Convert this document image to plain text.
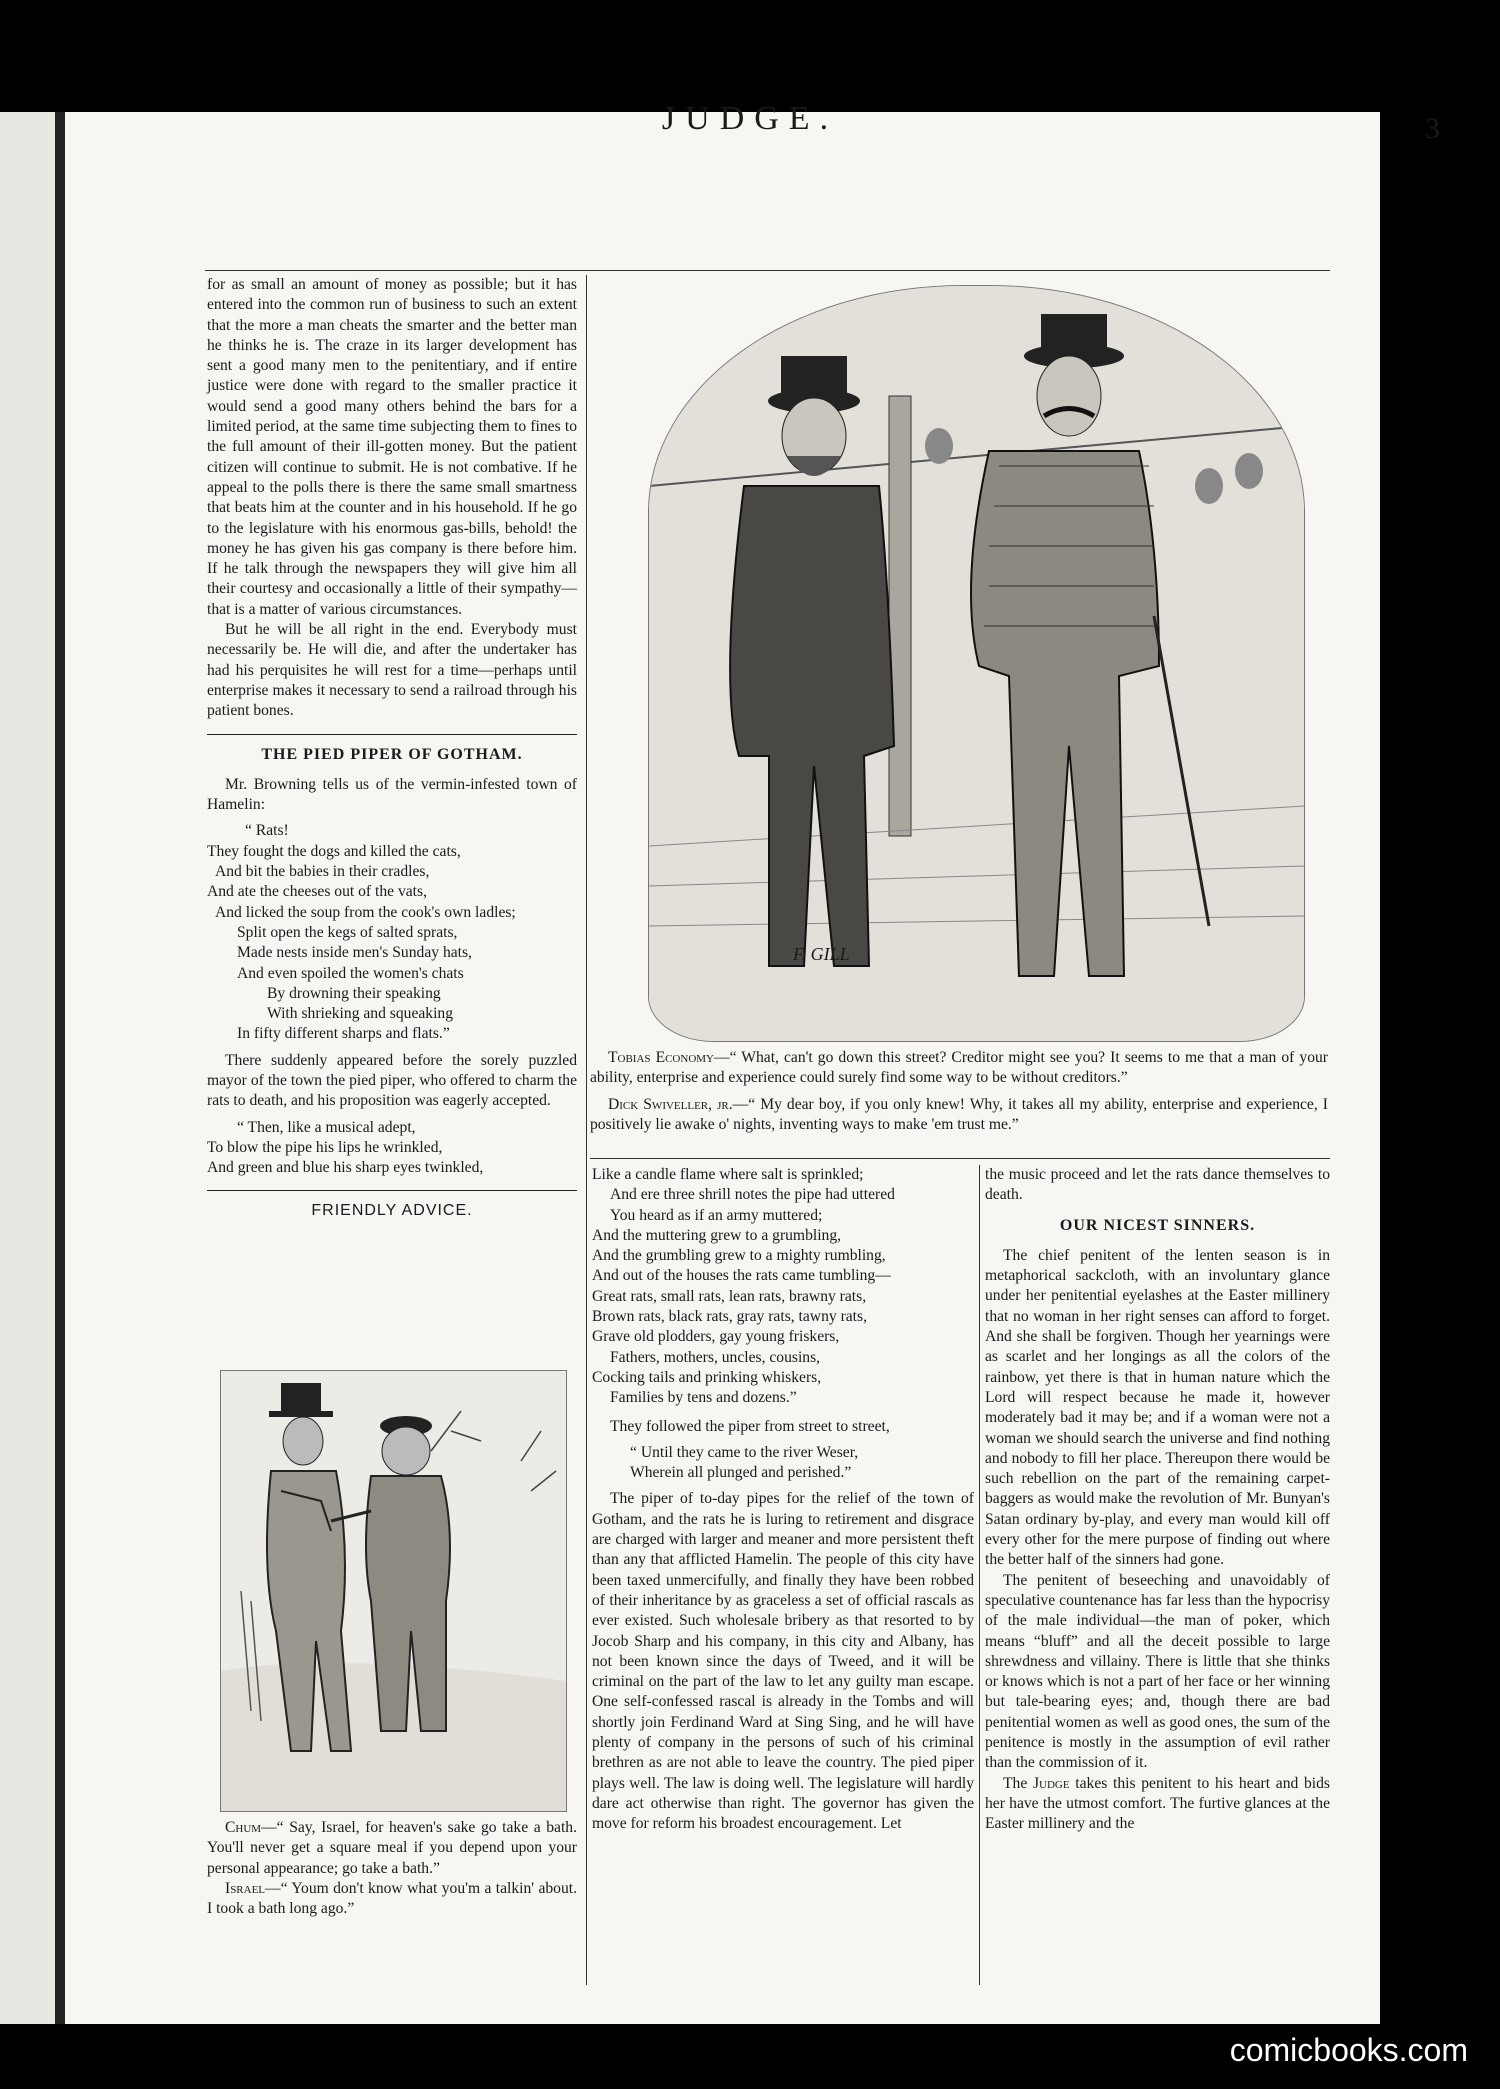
JUDGE.	3

for as small an amount of money as possible; but it has entered into the common run of business to such an extent that the more a man cheats the smarter and the better man he thinks he is. The craze in its larger development has sent a good many men to the penitentiary, and if entire justice were done with regard to the smaller practice it would send a good many others behind the bars for a limited period, at the same time subjecting them to fines to the full amount of their ill-gotten money. But the patient citizen will continue to submit. He is not combative. If he appeal to the polls there is there the same small smartness that beats him at the counter and in his household. If he go to the legislature with his enormous gas-bills, behold! the money he has given his gas company is there before him. If he talk through the newspapers they will give him all their courtesy and occasionally a little of their sympathy—that is a matter of various circumstances.

But he will be all right in the end. Everybody must necessarily be. He will die, and after the undertaker has had his perquisites he will rest for a time—perhaps until enterprise makes it necessary to send a railroad through his patient bones.

THE PIED PIPER OF GOTHAM.

Mr. Browning tells us of the vermin-infested town of Hamelin:

“ Rats!
They fought the dogs and killed the cats,
And bit the babies in their cradles,
And ate the cheeses out of the vats,
And licked the soup from the cook's own ladles;
Split open the kegs of salted sprats,
Made nests inside men's Sunday hats,
And even spoiled the women's chats
By drowning their speaking
With shrieking and squeaking
In fifty different sharps and flats.”

There suddenly appeared before the sorely puzzled mayor of the town the pied piper, who offered to charm the rats to death, and his proposition was eagerly accepted.

“ Then, like a musical adept,
To blow the pipe his lips he wrinkled,
And green and blue his sharp eyes twinkled,
FRIENDLY ADVICE.

Chum—“ Say, Israel, for heaven's sake go take a bath. You'll never get a square meal if you depend upon your personal appearance; go take a bath.”

Israel—“ Youm don't know what you'm a talkin' about. I took a bath long ago.”

F. GILL

Tobias Economy—“ What, can't go down this street? Creditor might see you? It seems to me that a man of your ability, enterprise and experience could surely find some way to be without creditors.”

Dick Swiveller, jr.—“ My dear boy, if you only knew! Why, it takes all my ability, enterprise and experience, I positively lie awake o' nights, inventing ways to make 'em trust me.”

Like a candle flame where salt is sprinkled;
And ere three shrill notes the pipe had uttered
You heard as if an army muttered;
And the muttering grew to a grumbling,
And the grumbling grew to a mighty rumbling,
And out of the houses the rats came tumbling—
Great rats, small rats, lean rats, brawny rats,
Brown rats, black rats, gray rats, tawny rats,
Grave old plodders, gay young friskers,
Fathers, mothers, uncles, cousins,
Cocking tails and prinking whiskers,
Families by tens and dozens.”

They followed the piper from street to street,

“ Until they came to the river Weser,
Wherein all plunged and perished.”

The piper of to-day pipes for the relief of the town of Gotham, and the rats he is luring to retirement and disgrace are charged with larger and meaner and more persistent theft than any that afflicted Hamelin. The people of this city have been taxed unmercifully, and finally they have been robbed of their inheritance by as graceless a set of official rascals as ever existed. Such wholesale bribery as that resorted to by Jocob Sharp and his company, in this city and Albany, has not been known since the days of Tweed, and it will be criminal on the part of the law to let any guilty man escape. One self-confessed rascal is already in the Tombs and will shortly join Ferdinand Ward at Sing Sing, and he will have plenty of company in the persons of such of his criminal brethren as are not able to leave the country. The pied piper plays well. The law is doing well. The legislature will hardly dare act otherwise than right. The governor has given the move for reform his broadest encouragement. Let

the music proceed and let the rats dance themselves to death.

OUR NICEST SINNERS.

The chief penitent of the lenten season is in metaphorical sackcloth, with an involuntary glance under her penitential eyelashes at the Easter millinery that no woman in her right senses can afford to forget. And she shall be forgiven. Though her yearnings were as scarlet and her longings as all the colors of the rainbow, yet there is that in human nature which the Lord will respect because he made it, however moderately bad it may be; and if a woman were not a woman we should search the universe and find nothing and nobody to fill her place. Thereupon there would be such rebellion on the part of the remaining carpet-baggers as would make the revolution of Mr. Bunyan's Satan ordinary by-play, and every man would kill off every other for the mere purpose of finding out where the better half of the sinners had gone.

The penitent of beseeching and unavoidably of speculative countenance has far less than the hypocrisy of the male individual—the man of poker, which means “bluff” and all the deceit possible to large shrewdness and villainy. There is little that she thinks or knows which is not a part of her face or her winning but tale-bearing eyes; and, though there are bad penitential women as well as good ones, the sum of the penitence is mostly in the assumption of evil rather than the commission of it.

The Judge takes this penitent to his heart and bids her have the utmost comfort. The furtive glances at the Easter millinery and the

comicbooks.com
